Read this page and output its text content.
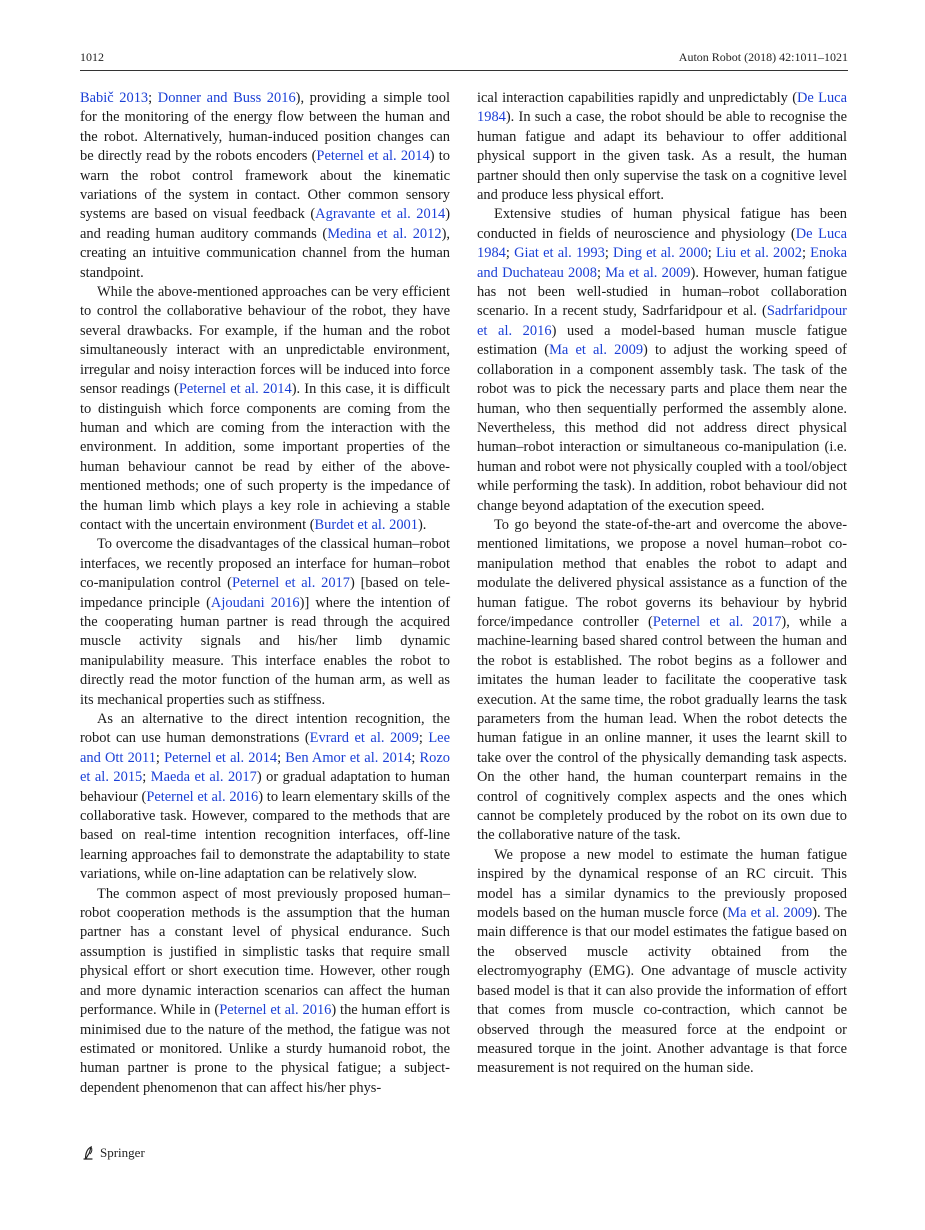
1012	Auton Robot (2018) 42:1011–1021

Babič 2013; Donner and Buss 2016), providing a simple tool for the monitoring of the energy flow between the human and the robot. Alternatively, human-induced position changes can be directly read by the robots encoders (Peternel et al. 2014) to warn the robot control framework about the kinematic variations of the system in contact. Other common sensory systems are based on visual feedback (Agravante et al. 2014) and reading human auditory commands (Medina et al. 2012), creating an intuitive communication channel from the human standpoint.

While the above-mentioned approaches can be very efficient to control the collaborative behaviour of the robot, they have several drawbacks. For example, if the human and the robot simultaneously interact with an unpredictable environment, irregular and noisy interaction forces will be induced into force sensor readings (Peternel et al. 2014). In this case, it is difficult to distinguish which force components are coming from the human and which are coming from the interaction with the environment. In addition, some important properties of the human behaviour cannot be read by either of the above-mentioned methods; one of such property is the impedance of the human limb which plays a key role in achieving a stable contact with the uncertain environment (Burdet et al. 2001).

To overcome the disadvantages of the classical human–robot interfaces, we recently proposed an interface for human–robot co-manipulation control (Peternel et al. 2017) [based on tele-impedance principle (Ajoudani 2016)] where the intention of the cooperating human partner is read through the acquired muscle activity signals and his/her limb dynamic manipulability measure. This interface enables the robot to directly read the motor function of the human arm, as well as its mechanical properties such as stiffness.

As an alternative to the direct intention recognition, the robot can use human demonstrations (Evrard et al. 2009; Lee and Ott 2011; Peternel et al. 2014; Ben Amor et al. 2014; Rozo et al. 2015; Maeda et al. 2017) or gradual adaptation to human behaviour (Peternel et al. 2016) to learn elementary skills of the collaborative task. However, compared to the methods that are based on real-time intention recognition interfaces, off-line learning approaches fail to demonstrate the adaptability to state variations, while on-line adaptation can be relatively slow.

The common aspect of most previously proposed human–robot cooperation methods is the assumption that the human partner has a constant level of physical endurance. Such assumption is justified in simplistic tasks that require small physical effort or short execution time. However, other rough and more dynamic interaction scenarios can affect the human performance. While in (Peternel et al. 2016) the human effort is minimised due to the nature of the method, the fatigue was not estimated or monitored. Unlike a sturdy humanoid robot, the human partner is prone to the physical fatigue; a subject-dependent phenomenon that can affect his/her phys-

ical interaction capabilities rapidly and unpredictably (De Luca 1984). In such a case, the robot should be able to recognise the human fatigue and adapt its behaviour to offer additional physical support in the given task. As a result, the human partner should then only supervise the task on a cognitive level and produce less physical effort.

Extensive studies of human physical fatigue has been conducted in fields of neuroscience and physiology (De Luca 1984; Giat et al. 1993; Ding et al. 2000; Liu et al. 2002; Enoka and Duchateau 2008; Ma et al. 2009). However, human fatigue has not been well-studied in human–robot collaboration scenario. In a recent study, Sadrfaridpour et al. (Sadrfaridpour et al. 2016) used a model-based human muscle fatigue estimation (Ma et al. 2009) to adjust the working speed of collaboration in a component assembly task. The task of the robot was to pick the necessary parts and place them near the human, who then sequentially performed the assembly alone. Nevertheless, this method did not address direct physical human–robot interaction or simultaneous co-manipulation (i.e. human and robot were not physically coupled with a tool/object while performing the task). In addition, robot behaviour did not change beyond adaptation of the execution speed.

To go beyond the state-of-the-art and overcome the above-mentioned limitations, we propose a novel human–robot co-manipulation method that enables the robot to adapt and modulate the delivered physical assistance as a function of the human fatigue. The robot governs its behaviour by hybrid force/impedance controller (Peternel et al. 2017), while a machine-learning based shared control between the human and the robot is established. The robot begins as a follower and imitates the human leader to facilitate the cooperative task execution. At the same time, the robot gradually learns the task parameters from the human lead. When the robot detects the human fatigue in an online manner, it uses the learnt skill to take over the control of the physically demanding task aspects. On the other hand, the human counterpart remains in the control of cognitively complex aspects and the ones which cannot be completely produced by the robot on its own due to the collaborative nature of the task.

We propose a new model to estimate the human fatigue inspired by the dynamical response of an RC circuit. This model has a similar dynamics to the previously proposed models based on the human muscle force (Ma et al. 2009). The main difference is that our model estimates the fatigue based on the observed muscle activity obtained from the electromyography (EMG). One advantage of muscle activity based model is that it can also provide the information of effort that comes from muscle co-contraction, which cannot be observed through the measured force at the endpoint or measured torque in the joint. Another advantage is that force measurement is not required on the human side.

Springer
